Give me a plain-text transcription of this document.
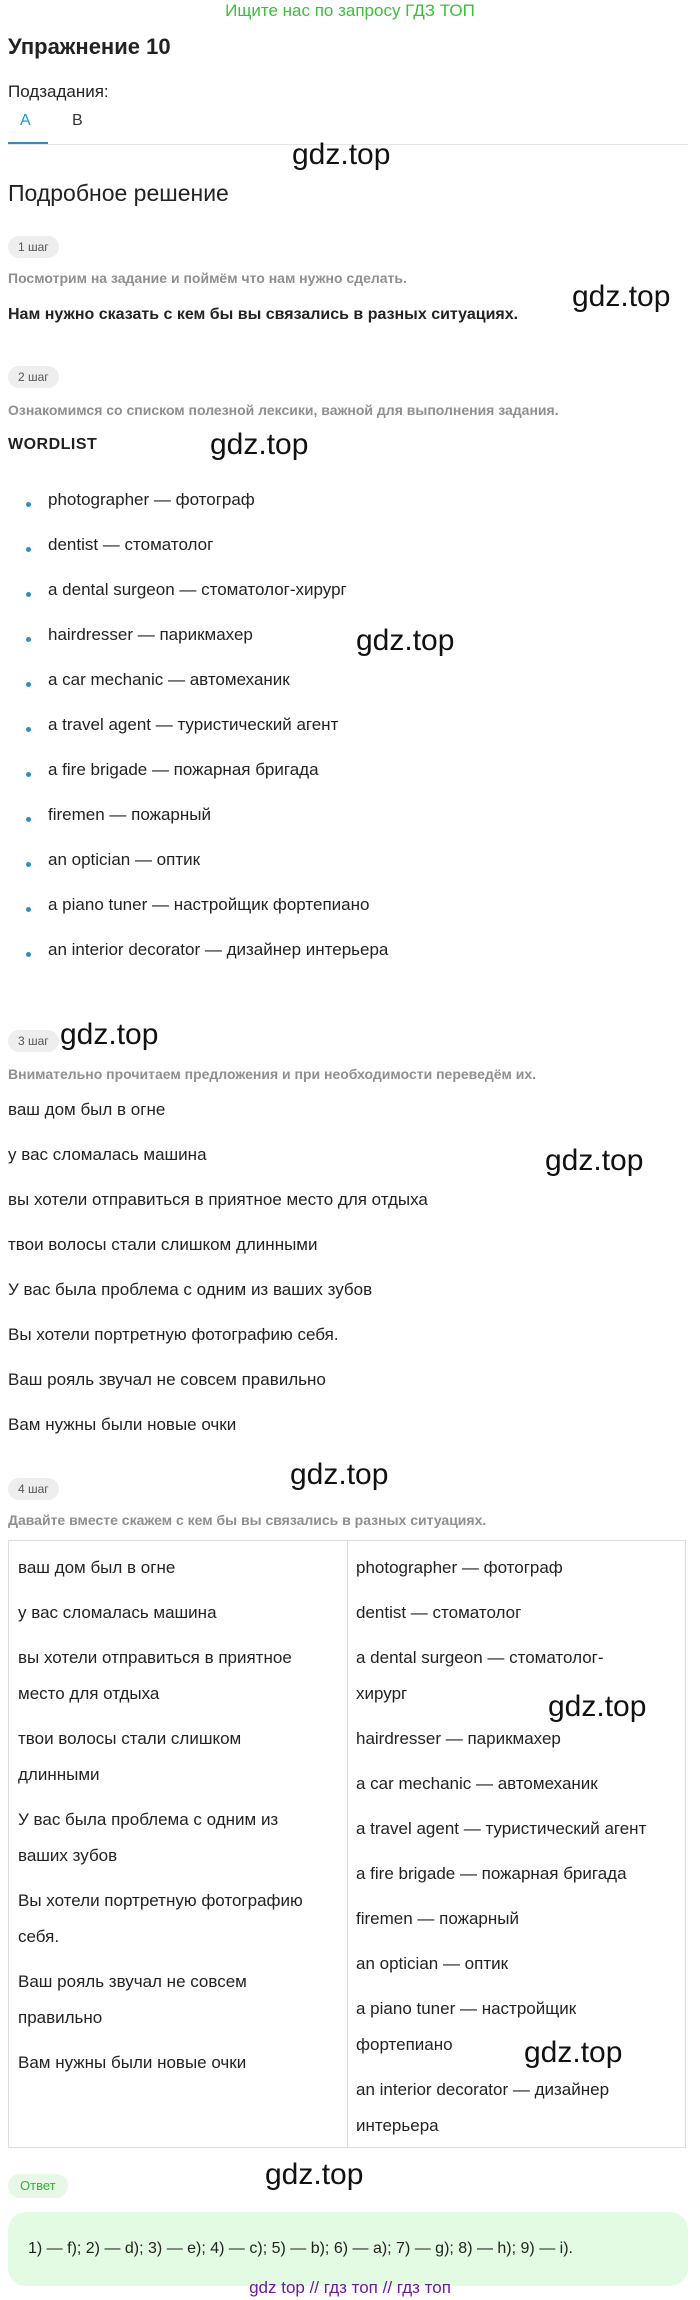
Ищите нас по запросу ГДЗ ТОП
Упражнение 10
Подзадания:
A	B
gdz.top
Подробное решение
1 шаг
Посмотрим на задание и поймём что нам нужно сделать.
Нам нужно сказать с кем бы вы связались в разных ситуациях.
gdz.top
2 шаг
Ознакомимся со списком полезной лексики, важной для выполнения задания.
WORDLIST	gdz.top
photographer — фотограф
dentist — стоматолог
a dental surgeon — стоматолог-хирург
hairdresser — парикмахер
a car mechanic — автомеханик
a travel agent — туристический агент
a fire brigade — пожарная бригада
firemen — пожарный
an optician — оптик
a piano tuner — настройщик фортепиано
an interior decorator — дизайнер интерьера
gdz.top
3 шаг gdz.top
Внимательно прочитаем предложения и при необходимости переведём их.
ваш дом был в огне
у вас сломалась машина
вы хотели отправиться в приятное место для отдыха
твои волосы стали слишком длинными
У вас была проблема с одним из ваших зубов
Вы хотели портретную фотографию себя.
Ваш рояль звучал не совсем правильно
Вам нужны были новые очки
gdz.top
4 шаг	gdz.top
Давайте вместе скажем с кем бы вы связались в разных ситуациях.
ваш дом был в огне
у вас сломалась машина
вы хотели отправиться в приятное
место для отдыха
твои волосы стали слишком
длинными
У вас была проблема с одним из
ваших зубов
Вы хотели портретную фотографию
себя.
Ваш рояль звучал не совсем
правильно
Вам нужны были новые очки
photographer — фотограф
dentist — стоматолог
a dental surgeon — стоматолог-
хирург
hairdresser — парикмахер
a car mechanic — автомеханик
a travel agent — туристический агент
a fire brigade — пожарная бригада
firemen — пожарный
an optician — оптик
a piano tuner — настройщик
фортепиано
an interior decorator — дизайнер
интерьера
gdz.top
gdz.top
Ответ	gdz.top
1) — f); 2) — d); 3) — e); 4) — c); 5) — b); 6) — a); 7) — g); 8) — h); 9) — i).
gdz top // гдз топ // гдз топ
